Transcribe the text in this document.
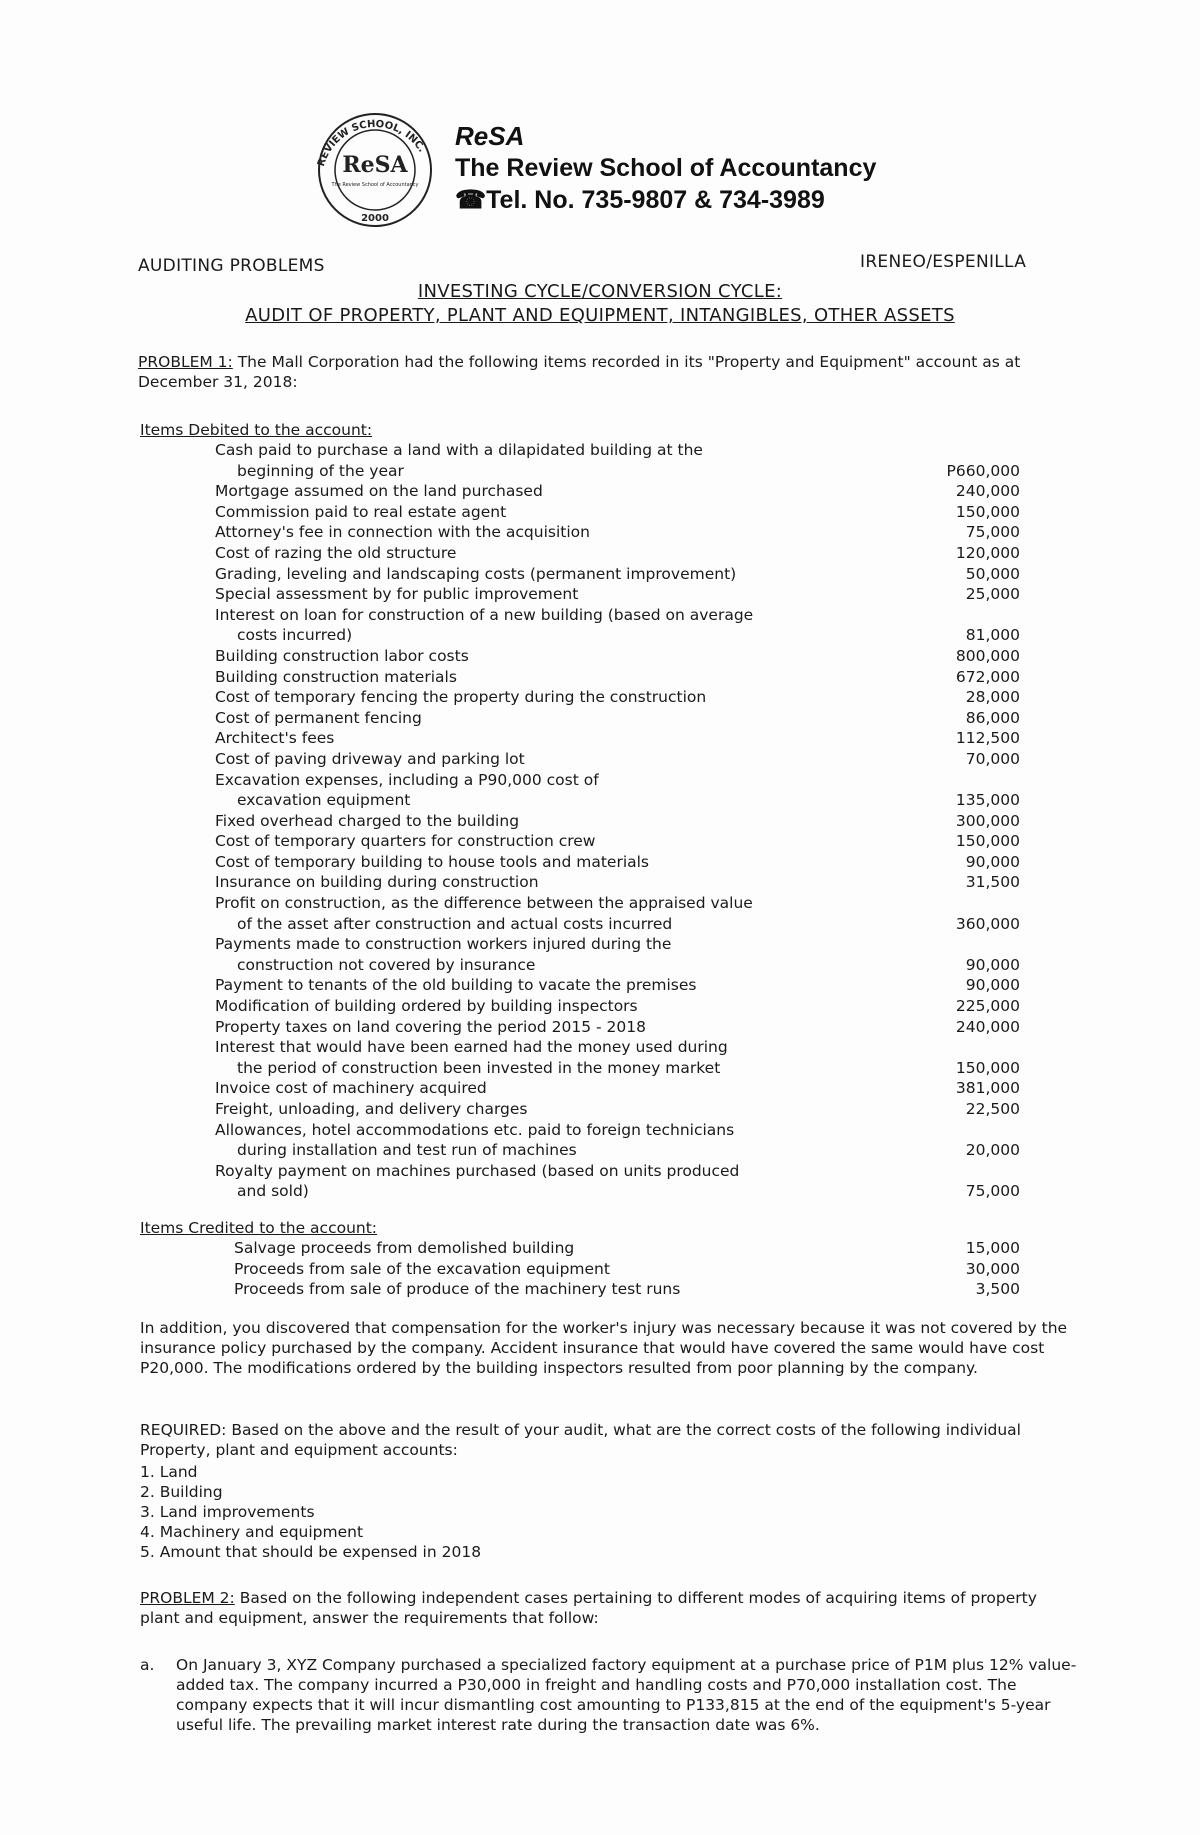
REVIEW SCHOOL, INC.
ReSA
The Review School of Accountancy
2000
ReSA
The Review School of Accountancy
☎Tel. No. 735-9807 & 734-3989
AUDITING PROBLEMS	IRENEO/ESPENILLA
INVESTING CYCLE/CONVERSION CYCLE:
AUDIT OF PROPERTY, PLANT AND EQUIPMENT, INTANGIBLES, OTHER ASSETS
PROBLEM 1: The Mall Corporation had the following items recorded in its "Property and Equipment" account as at December 31, 2018:
Items Debited to the account:
Cash paid to purchase a land with a dilapidated building at the
beginning of the year	P660,000
Mortgage assumed on the land purchased	240,000
Commission paid to real estate agent	150,000
Attorney's fee in connection with the acquisition	75,000
Cost of razing the old structure	120,000
Grading, leveling and landscaping costs (permanent improvement)	50,000
Special assessment by for public improvement	25,000
Interest on loan for construction of a new building (based on average
costs incurred)	81,000
Building construction labor costs	800,000
Building construction materials	672,000
Cost of temporary fencing the property during the construction	28,000
Cost of permanent fencing	86,000
Architect's fees	112,500
Cost of paving driveway and parking lot	70,000
Excavation expenses, including a P90,000 cost of
excavation equipment	135,000
Fixed overhead charged to the building	300,000
Cost of temporary quarters for construction crew	150,000
Cost of temporary building to house tools and materials	90,000
Insurance on building during construction	31,500
Profit on construction, as the difference between the appraised value
of the asset after construction and actual costs incurred	360,000
Payments made to construction workers injured during the
construction not covered by insurance	90,000
Payment to tenants of the old building to vacate the premises	90,000
Modification of building ordered by building inspectors	225,000
Property taxes on land covering the period 2015 - 2018	240,000
Interest that would have been earned had the money used during
the period of construction been invested in the money market	150,000
Invoice cost of machinery acquired	381,000
Freight, unloading, and delivery charges	22,500
Allowances, hotel accommodations etc. paid to foreign technicians
during installation and test run of machines	20,000
Royalty payment on machines purchased (based on units produced
and sold)	75,000
Items Credited to the account:
Salvage proceeds from demolished building	15,000
Proceeds from sale of the excavation equipment	30,000
Proceeds from sale of produce of the machinery test runs	3,500
In addition, you discovered that compensation for the worker's injury was necessary because it was not covered by the insurance policy purchased by the company. Accident insurance that would have covered the same would have cost P20,000. The modifications ordered by the building inspectors resulted from poor planning by the company.
REQUIRED: Based on the above and the result of your audit, what are the correct costs of the following individual Property, plant and equipment accounts:
1. Land
2. Building
3. Land improvements
4. Machinery and equipment
5. Amount that should be expensed in 2018
PROBLEM 2: Based on the following independent cases pertaining to different modes of acquiring items of property plant and equipment, answer the requirements that follow:
a.	On January 3, XYZ Company purchased a specialized factory equipment at a purchase price of P1M plus 12% value-added tax. The company incurred a P30,000 in freight and handling costs and P70,000 installation cost. The company expects that it will incur dismantling cost amounting to P133,815 at the end of the equipment's 5-year useful life. The prevailing market interest rate during the transaction date was 6%.
